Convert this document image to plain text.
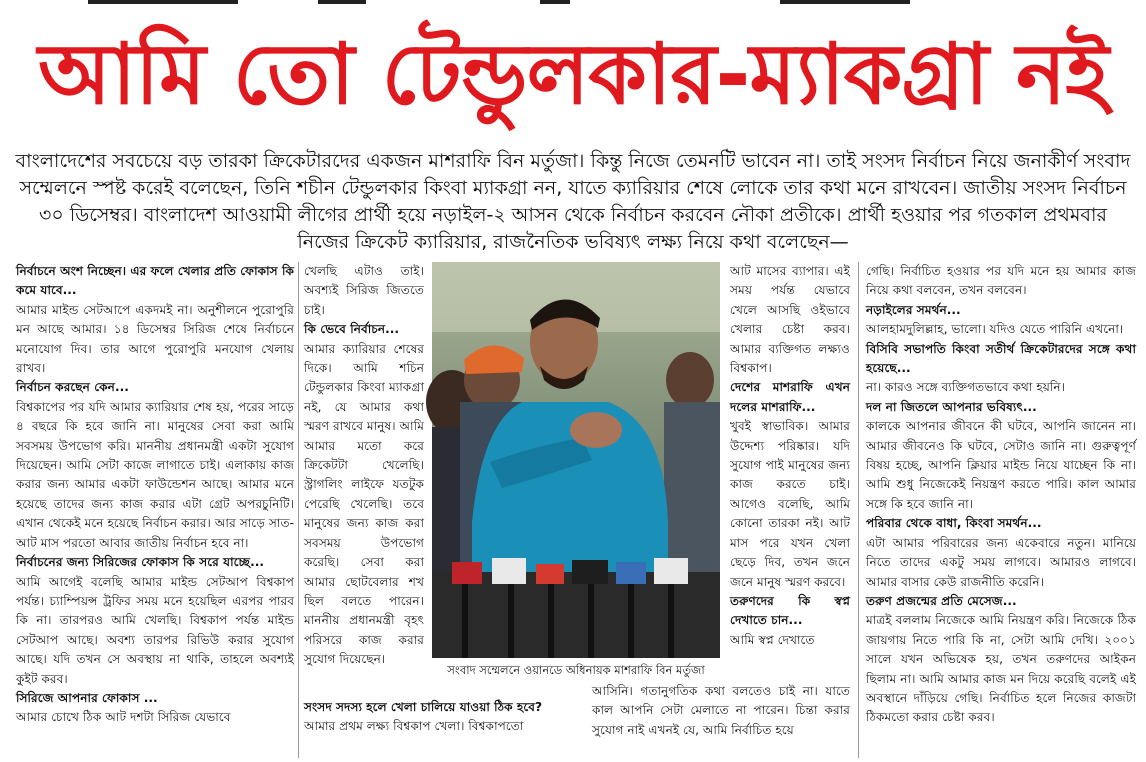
আমি তো টেন্ডুলকার-ম্যাকগ্রা নই
বাংলাদেশের সবচেয়ে বড় তারকা ক্রিকেটারদের একজন মাশরাফি বিন মর্তুজা। কিন্তু নিজে তেমনটি ভাবেন না। তাই সংসদ নির্বাচন নিয়ে জনাকীর্ণ সংবাদ সম্মেলনে স্পষ্ট করেই বলেছেন, তিনি শচীন টেন্ডুলকার কিংবা ম্যাকগ্রা নন, যাতে ক্যারিয়ার শেষে লোকে তার কথা মনে রাখবেন। জাতীয় সংসদ নির্বাচন ৩০ ডিসেম্বর। বাংলাদেশ আওয়ামী লীগের প্রার্থী হয়ে নড়াইল-২ আসন থেকে নির্বাচন করবেন নৌকা প্রতীকে। প্রার্থী হওয়ার পর গতকাল প্রথমবার নিজের ক্রিকেট ক্যারিয়ার, রাজনৈতিক ভবিষ্যৎ লক্ষ্য নিয়ে কথা বলেছেন—

নির্বাচনে অংশ নিচ্ছেন। এর ফলে খেলার প্রতি ফোকাস কি কমে যাবে...

আমার মাইন্ড সেটআপে একদমই না। অনুশীলনে পুরোপুরি মন আছে আমার। ১৪ ডিসেম্বর সিরিজ শেষে নির্বাচনে মনোযোগ দিব। তার আগে পুরোপুরি মনযোগ খেলায় রাখব।

নির্বাচন করছেন কেন...

বিশ্বকাপের পর যদি আমার ক্যারিয়ার শেষ হয়, পরের সাড়ে ৪ বছরে কি হবে জানি না। মানুষের সেবা করা আমি সবসময় উপভোগ করি। মাননীয় প্রধানমন্ত্রী একটা সুযোগ দিয়েছেন। আমি সেটা কাজে লাগাতে চাই। এলাকায় কাজ করার জন্য আমার একটা ফাউন্ডেশন আছে। আমার মনে হয়েছে তাদের জন্য কাজ করার এটা গ্রেট অপরচুনিটি। এখান থেকেই মনে হয়েছে নির্বাচন করার। আর সাড়ে সাত-আট মাস পরতো আবার জাতীয় নির্বাচন হবে না।

নির্বাচনের জন্য সিরিজের ফোকাস কি সরে যাচ্ছে...

আমি আগেই বলেছি আমার মাইন্ড সেটআপ বিশ্বকাপ পর্যন্ত। চ্যাম্পিয়ন্স ট্রফির সময় মনে হয়েছিল এরপর পারব কি না। তারপরও আমি খেলছি। বিশ্বকাপ পর্যন্ত মাইন্ড সেটআপ আছে। অবশ্য তারপর রিভিউ করার সুযোগ আছে। যদি তখন সে অবস্থায় না থাকি, তাহলে অবশ্যই কুইট করব।

সিরিজে আপনার ফোকাস ...

আমার চোখে ঠিক আট দশটা সিরিজ যেভাবে

খেলছি এটাও তাই। অবশ্যই সিরিজ জিততে চাই।

কি ভেবে নির্বাচন...

আমার ক্যারিয়ার শেষের দিকে। আমি শচিন টেন্ডুলকার কিংবা ম্যাকগ্রা নই, যে আমার কথা স্মরণ রাখবে মানুষ। আমি আমার মতো করে ক্রিকেটটা খেলেছি। স্ট্রাগলিং লাইফে যতটুক পেরেছি খেলেছি। তবে মানুষের জন্য কাজ করা সবসময় উপভোগ করেছি। সেবা করা আমার ছোটবেলার শখ ছিল বলতে পারেন। মাননীয় প্রধানমন্ত্রী বৃহৎ পরিসরে কাজ করার সুযোগ দিয়েছেন।

সংবাদ সম্মেলনে ওয়ানডে অধিনায়ক মাশরাফি বিন মর্তুজা

আট মাসের ব্যাপার। এই সময় পর্যন্ত যেভাবে খেলে আসছি ওইভাবে খেলার চেষ্টা করব। আমার ব্যক্তিগত লক্ষ্যও বিশ্বকাপ।

দেশের মাশরাফি এখন দলের মাশরাফি...

খুবই স্বাভাবিক। আমার উদ্দেশ্য পরিষ্কার। যদি সুযোগ পাই মানুষের জন্য কাজ করতে চাই। আগেও বলেছি, আমি কোনো তারকা নই। আট মাস পরে যখন খেলা ছেড়ে দিব, তখন জনে জনে মানুষ স্মরণ করবে।

তরুণদের কি স্বপ্ন দেখাতে চান...

আমি স্বপ্ন দেখাতে

সংসদ সদস্য হলে খেলা চালিয়ে যাওয়া ঠিক হবে?

আমার প্রথম লক্ষ্য বিশ্বকাপ খেলা। বিশ্বকাপতো

আসিনি। গতানুগতিক কথা বলতেও চাই না। যাতে কাল আপনি সেটা মেলাতে না পারেন। চিন্তা করার সুযোগ নাই এখনই যে, আমি নির্বাচিত হয়ে

গেছি। নির্বাচিত হওয়ার পর যদি মনে হয় আমার কাজ নিয়ে কথা বলবেন, তখন বলবেন।

নড়াইলের সমর্থন...

আলহামদুলিল্লাহ, ভালো। যদিও যেতে পারিনি এখনো।

বিসিবি সভাপতি কিংবা সতীর্থ ক্রিকেটারদের সঙ্গে কথা হয়েছে...

না। কারও সঙ্গে ব্যক্তিগতভাবে কথা হয়নি।

দল না জিতলে আপনার ভবিষ্যৎ...

কালকে আপনার জীবনে কী ঘটবে, আপনি জানেন না। আমার জীবনেও কি ঘটবে, সেটাও জানি না। গুরুত্বপূর্ণ বিষয় হচ্ছে, আপনি ক্লিয়ার মাইন্ড নিয়ে যাচ্ছেন কি না। আমি শুধু নিজেকেই নিয়ন্ত্রণ করতে পারি। কাল আমার সঙ্গে কি হবে জানি না।

পরিবার থেকে বাধা, কিংবা সমর্থন...

এটা আমার পরিবারের জন্য একেবারে নতুন। মানিয়ে নিতে তাদের একটু সময় লাগবে। আমারও লাগবে। আমার বাসার কেউ রাজনীতি করেনি।

তরুণ প্রজন্মের প্রতি মেসেজ...

মাত্রই বললাম নিজেকে আমি নিয়ন্ত্রণ করি। নিজেকে ঠিক জায়গায় নিতে পারি কি না, সেটা আমি দেখি। ২০০১ সালে যখন অভিষেক হয়, তখন তরুণদের আইকন ছিলাম না। আমি আমার কাজ মন দিয়ে করেছি বলেই এই অবস্থানে দাঁড়িয়ে গেছি। নির্বাচিত হলে নিজের কাজটা ঠিকমতো করার চেষ্টা করব।
